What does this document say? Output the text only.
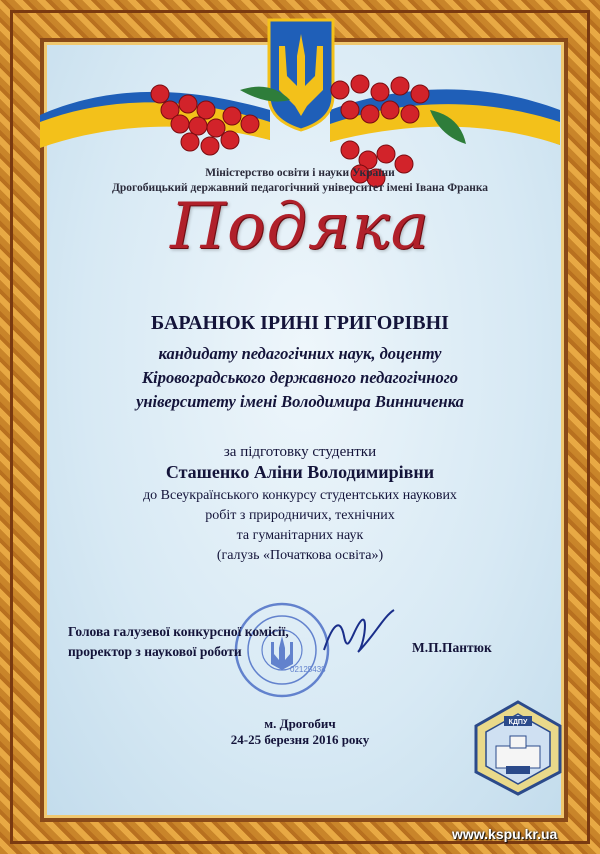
Міністерство освіти і науки України
Дрогобицький державний педагогічний університет імені Івана Франка
Подяка
БАРАНЮК ІРИНІ ГРИГОРІВНІ
кандидату педагогічних наук, доценту
Кіровоградського державного педагогічного
університету імені Володимира Винниченка
за підготовку студентки
Сташенко Аліни Володимирівни
до Всеукраїнського конкурсу студентських наукових
робіт з природничих, технічних
та гуманітарних наук
(галузь «Початкова освіта»)
02125438
Голова галузевої конкурсної комісії,
проректор з наукової роботи	М.П.Пантюк
м. Дрогобич
24-25 березня 2016 року
КДПУ
www.kspu.kr.ua
